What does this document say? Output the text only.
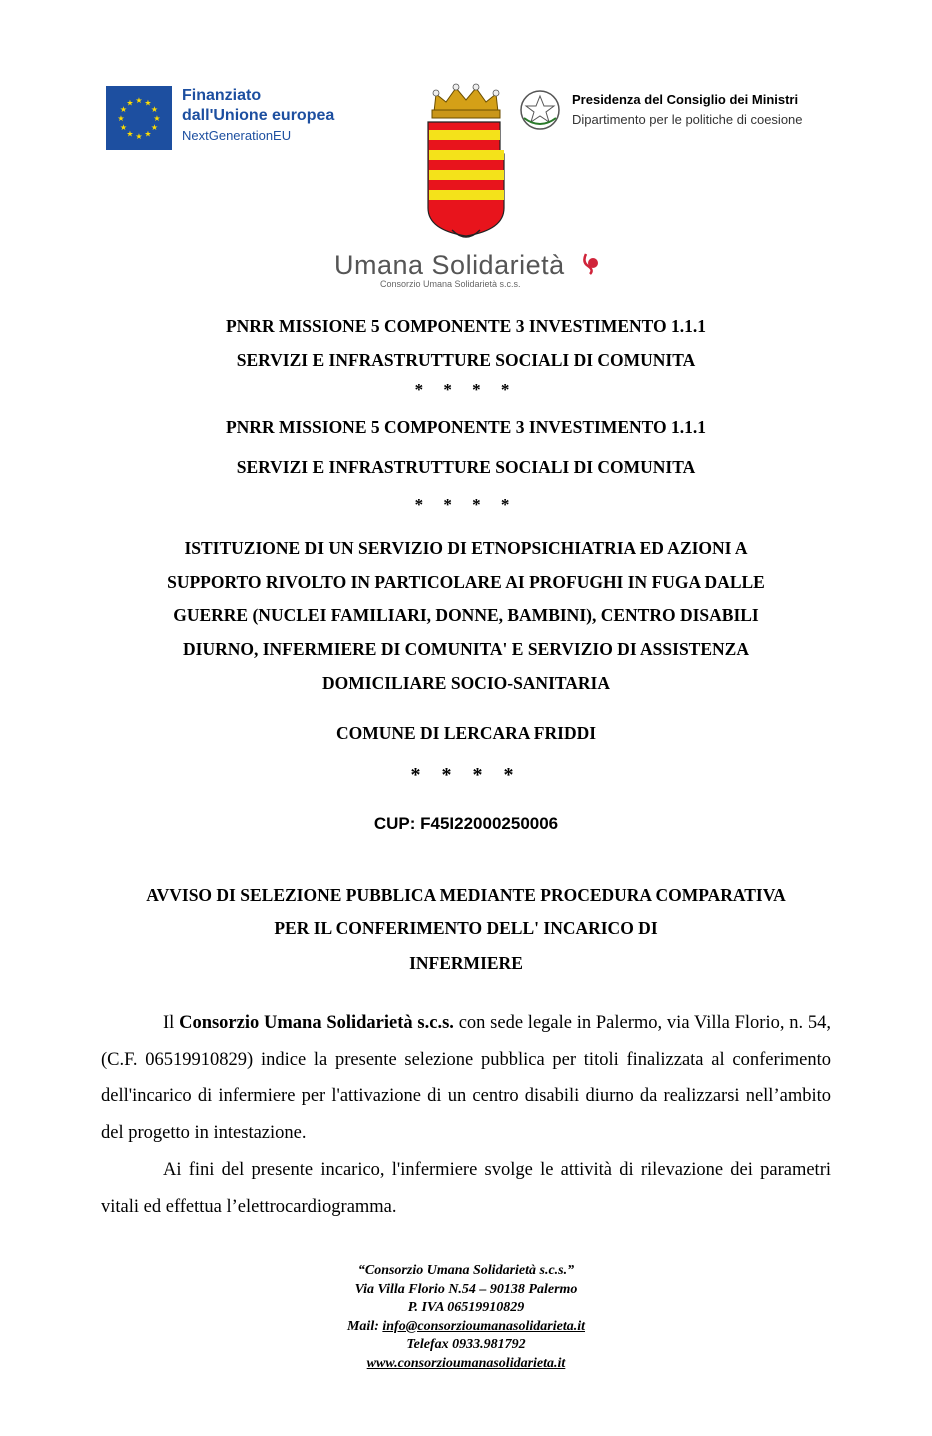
★ ★
★
★
★
★
★
★
★
★
★
★	Finanziato
dall'Unione europea
NextGenerationEU
Presidenza del Consiglio dei Ministri
Dipartimento per le politiche di coesione
Umana Solidarietà
Consorzio Umana Solidarietà s.c.s.
PNRR MISSIONE 5 COMPONENTE 3 INVESTIMENTO 1.1.1
SERVIZI E INFRASTRUTTURE SOCIALI DI COMUNITA
* * * *
PNRR MISSIONE 5 COMPONENTE 3 INVESTIMENTO 1.1.1
SERVIZI E INFRASTRUTTURE SOCIALI DI COMUNITA
* * * *
ISTITUZIONE DI UN SERVIZIO DI ETNOPSICHIATRIA ED AZIONI A
SUPPORTO RIVOLTO IN PARTICOLARE AI PROFUGHI IN FUGA DALLE
GUERRE (NUCLEI FAMILIARI, DONNE, BAMBINI), CENTRO DISABILI
DIURNO, INFERMIERE DI COMUNITA' E SERVIZIO DI ASSISTENZA
DOMICILIARE SOCIO-SANITARIA
COMUNE DI LERCARA FRIDDI
* * * *
CUP: F45I22000250006
AVVISO DI SELEZIONE PUBBLICA MEDIANTE PROCEDURA COMPARATIVA
PER IL CONFERIMENTO DELL' INCARICO DI
INFERMIERE
Il Consorzio Umana Solidarietà s.c.s. con sede legale in Palermo, via Villa Florio, n. 54, (C.F. 06519910829) indice la presente selezione pubblica per titoli finalizzata al conferimento dell'incarico di infermiere per l'attivazione di un centro disabili diurno da realizzarsi nell’ambito del progetto in intestazione.
Ai fini del presente incarico, l'infermiere svolge le attività di rilevazione dei parametri vitali ed effettua l’elettrocardiogramma.
“Consorzio Umana Solidarietà s.c.s.”
Via Villa Florio N.54 – 90138 Palermo
P. IVA 06519910829
Mail: info@consorzioumanasolidarieta.it
Telefax 0933.981792
www.consorzioumanasolidarieta.it
